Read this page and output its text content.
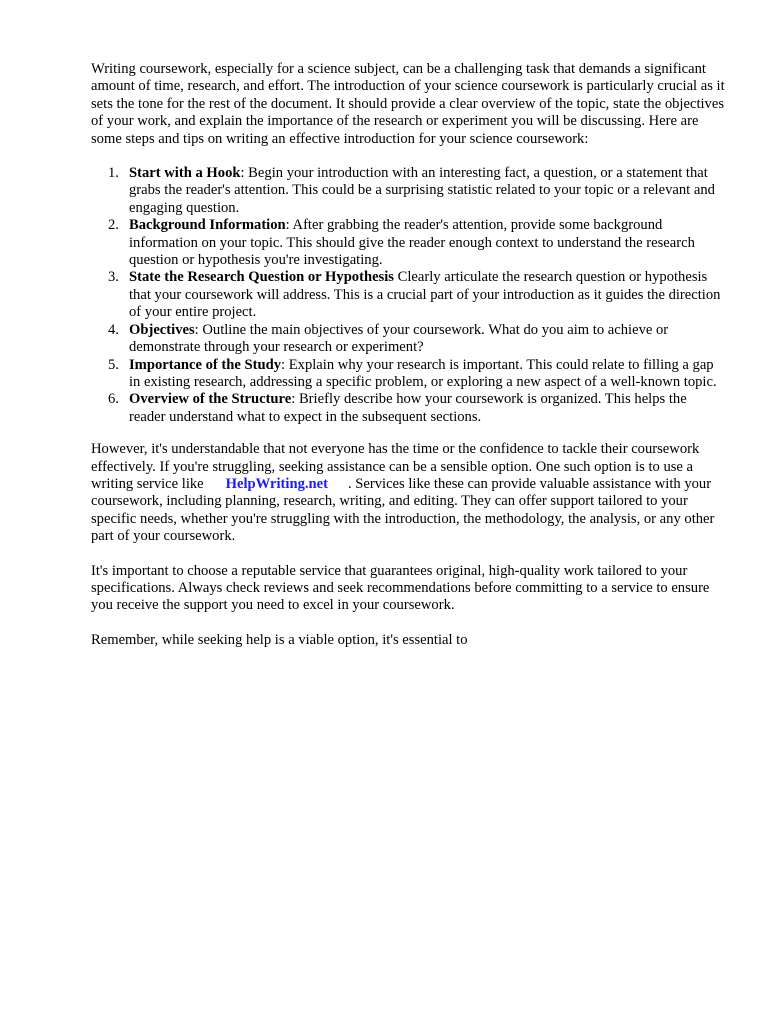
Writing coursework, especially for a science subject, can be a challenging task that demands a significant amount of time, research, and effort. The introduction of your science coursework is particularly crucial as it sets the tone for the rest of the document. It should provide a clear overview of the topic, state the objectives of your work, and explain the importance of the research or experiment you will be discussing. Here are some steps and tips on writing an effective introduction for your science coursework:

1. Start with a Hook: Begin your introduction with an interesting fact, a question, or a statement that grabs the reader's attention. This could be a surprising statistic related to your topic or a relevant and engaging question.
2. Background Information: After grabbing the reader's attention, provide some background information on your topic. This should give the reader enough context to understand the research question or hypothesis you're investigating.
3. State the Research Question or Hypothesis Clearly articulate the research question or hypothesis that your coursework will address. This is a crucial part of your introduction as it guides the direction of your entire project.
4. Objectives: Outline the main objectives of your coursework. What do you aim to achieve or demonstrate through your research or experiment?
5. Importance of the Study: Explain why your research is important. This could relate to filling a gap in existing research, addressing a specific problem, or exploring a new aspect of a well-known topic.
6. Overview of the Structure: Briefly describe how your coursework is organized. This helps the reader understand what to expect in the subsequent sections.

However, it's understandable that not everyone has the time or the confidence to tackle their coursework effectively. If you're struggling, seeking assistance can be a sensible option. One such option is to use a writing service like HelpWriting.net . Services like these can provide valuable assistance with your coursework, including planning, research, writing, and editing. They can offer support tailored to your specific needs, whether you're struggling with the introduction, the methodology, the analysis, or any other part of your coursework.

It's important to choose a reputable service that guarantees original, high-quality work tailored to your specifications. Always check reviews and seek recommendations before committing to a service to ensure you receive the support you need to excel in your coursework.

Remember, while seeking help is a viable option, it's essential to
